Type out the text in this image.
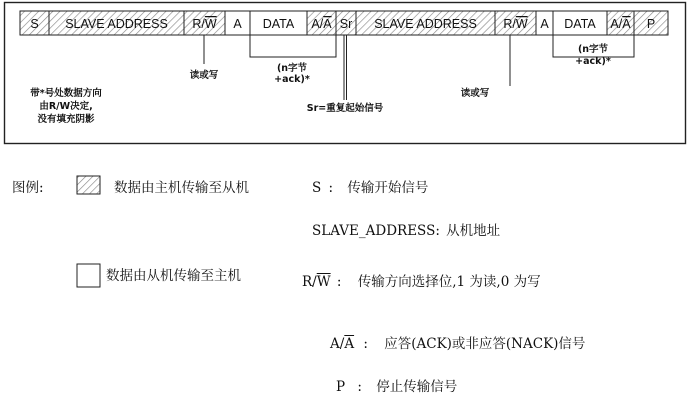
S SLAVE ADDRESS R/W A DATA A/A Sr SLAVE ADDRESS R/W A DATA A/A P
(n字节
+ack)*
(n字节
+ack)*
读或写
读或写
Sr=重复起始信号
带*号处数据方向
由R/W决定,
没有填充阴影
图例:	数据由主机传输至从机
数据由从机传输至主机
S : 传输开始信号
SLAVE_ADDRESS: 从机地址
$R/\overline{W}$ : 传输方向选择位,1 为读,0 为写
$A/\overline{A}$ : 应答(ACK)或非应答(NACK)信号
P : 停止传输信号
